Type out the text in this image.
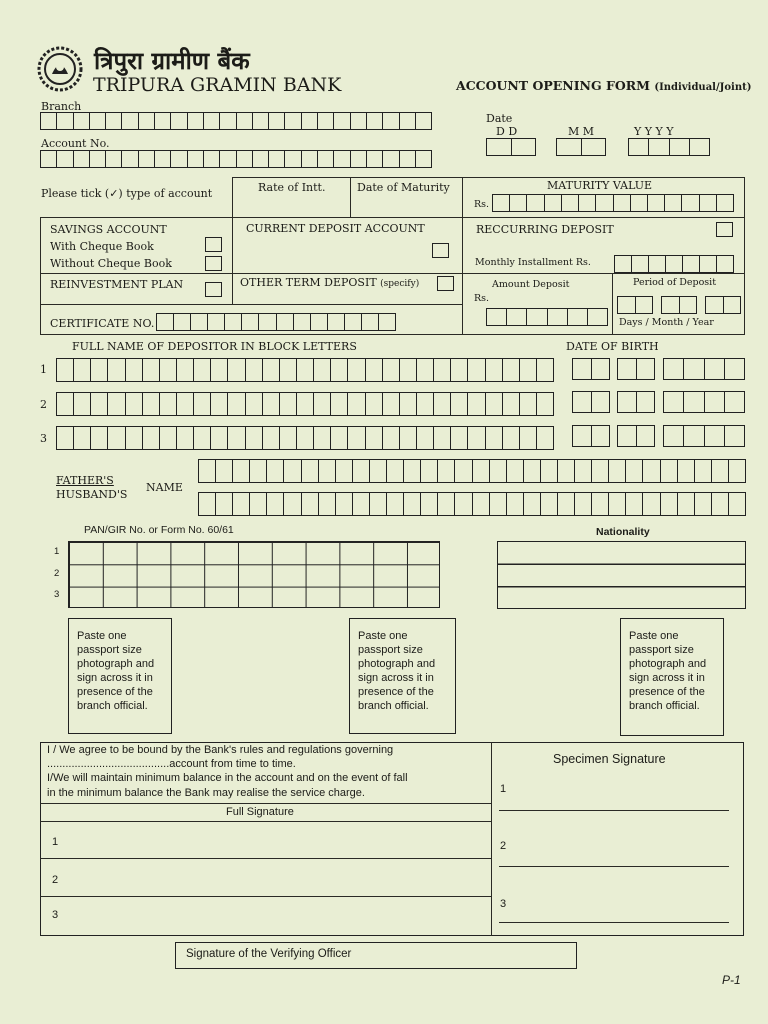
त्रिपुरा ग्रामीण बैंक
TRIPURA GRAMIN BANK	ACCOUNT OPENING FORM (Individual/Joint)
Branch
Account No.
Date
D D	M M	Y Y Y Y
Please tick (✓) type of account	Rate of Intt.	Date of Maturity	MATURITY VALUE
Rs.
SAVINGS ACCOUNT
With Cheque Book
Without Cheque Book
CURRENT DEPOSIT ACCOUNT	RECCURRING DEPOSIT
Monthly Installment Rs.
REINVESTMENT PLAN	OTHER TERM DEPOSIT (specify)	Amount Deposit
Rs.
Period of Deposit
Days / Month / Year
CERTIFICATE NO.
FULL NAME OF DEPOSITOR IN BLOCK LETTERS	DATE OF BIRTH
1
2
3
FATHER'S
HUSBAND'S
NAME
PAN/GIR No. or Form No. 60/61	Nationality
1
2
3
Paste one passport size photograph and sign across it in presence of the branch official.
Paste one passport size photograph and sign across it in presence of the branch official.
Paste one passport size photograph and sign across it in presence of the branch official.
I / We agree to be bound by the Bank's rules and regulations governing
........................................account from time to time.
I/We will maintain minimum balance in the account and on the event of fall
in the minimum balance the Bank may realise the service charge.
Full Signature
1
2
3
Specimen Signature
1
2
3
Signature of the Verifying Officer
P-1
